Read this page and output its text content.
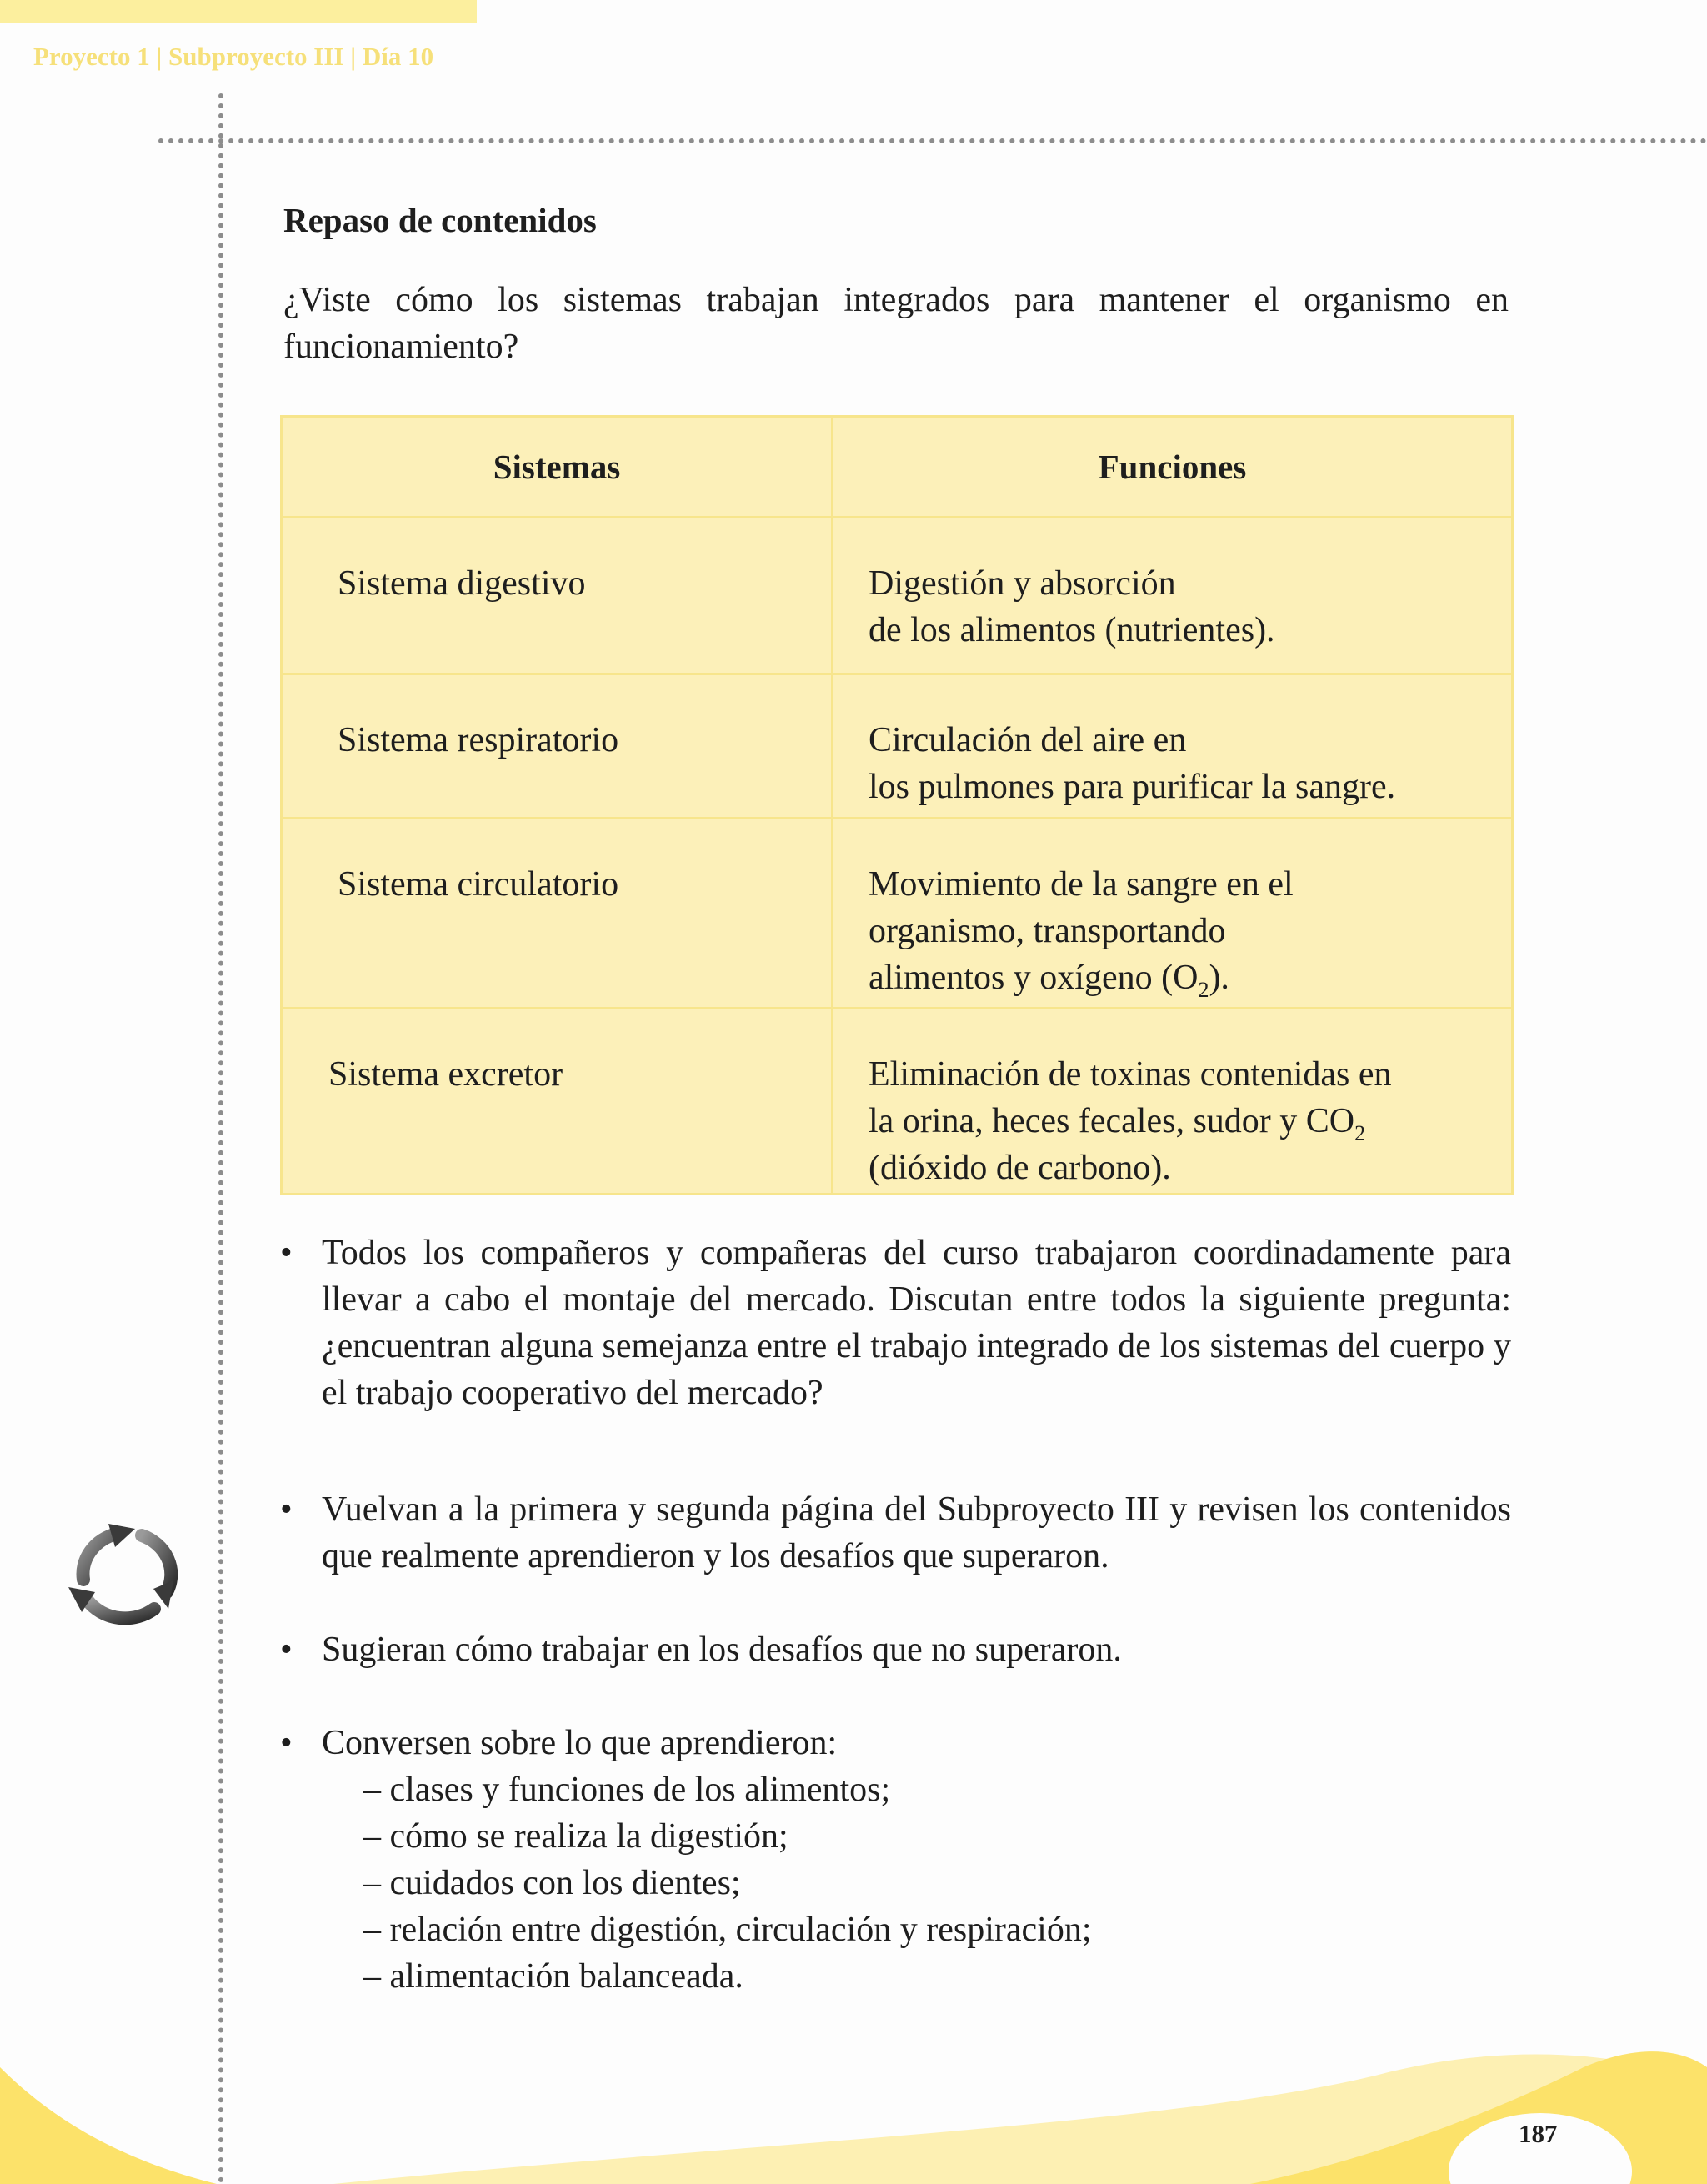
Proyecto 1 | Subproyecto III | Día 10

Repaso de contenidos

¿Viste cómo los sistemas trabajan integrados para mantener el organismo en funcionamiento?

Sistemas	Funciones
Sistema digestivo	Digestión y absorción
de los alimentos (nutrientes).

Sistema respiratorio	Circulación del aire en
los pulmones para purificar la sangre.

Sistema circulatorio	Movimiento de la sangre en el
organismo, transportando
alimentos y oxígeno $(O_2)$.

Sistema excretor	Eliminación de toxinas contenidas en
la orina, heces fecales, sudor y $CO_2$
(dióxido de carbono).
• Todos los compañeros y compañeras del curso trabajaron coordinadamente para llevar a cabo el montaje del mercado. Discutan entre todos la siguiente pregunta: ¿encuentran alguna semejanza entre el trabajo integrado de los sistemas del cuerpo y el trabajo cooperativo del mercado?
• Vuelvan a la primera y segunda página del Subproyecto III y revisen los contenidos que realmente aprendieron y los desafíos que superaron.
• Sugieran cómo trabajar en los desafíos que no superaron.
• Conversen sobre lo que aprendieron:
– clases y funciones de los alimentos;
– cómo se realiza la digestión;
– cuidados con los dientes;
– relación entre digestión, circulación y respiración;
– alimentación balanceada.

187
